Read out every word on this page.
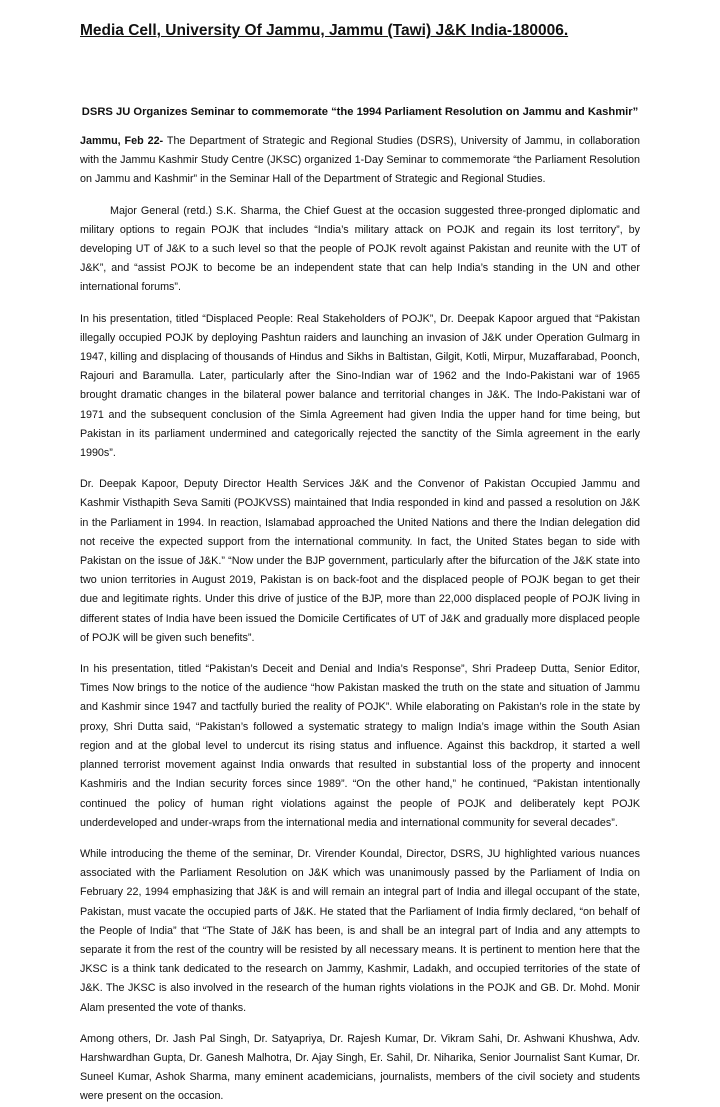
Media Cell, University Of Jammu, Jammu (Tawi) J&K India-180006.
DSRS JU Organizes Seminar to commemorate “the 1994 Parliament Resolution on Jammu and Kashmir”

Jammu, Feb 22- The Department of Strategic and Regional Studies (DSRS), University of Jammu, in collaboration with the Jammu Kashmir Study Centre (JKSC) organized 1-Day Seminar to commemorate “the Parliament Resolution on Jammu and Kashmir” in the Seminar Hall of the Department of Strategic and Regional Studies.

Major General (retd.) S.K. Sharma, the Chief Guest at the occasion suggested three-pronged diplomatic and military options to regain POJK that includes “India’s military attack on POJK and regain its lost territory”, by developing UT of J&K to a such level so that the people of POJK revolt against Pakistan and reunite with the UT of J&K”, and “assist POJK to become be an independent state that can help India’s standing in the UN and other international forums”.

In his presentation, titled “Displaced People: Real Stakeholders of POJK”, Dr. Deepak Kapoor argued that “Pakistan illegally occupied POJK by deploying Pashtun raiders and launching an invasion of J&K under Operation Gulmarg in 1947, killing and displacing of thousands of Hindus and Sikhs in Baltistan, Gilgit, Kotli, Mirpur, Muzaffarabad, Poonch, Rajouri and Baramulla. Later, particularly after the Sino-Indian war of 1962 and the Indo-Pakistani war of 1965 brought dramatic changes in the bilateral power balance and territorial changes in J&K. The Indo-Pakistani war of 1971 and the subsequent conclusion of the Simla Agreement had given India the upper hand for time being, but Pakistan in its parliament undermined and categorically rejected the sanctity of the Simla agreement in the early 1990s”.

Dr. Deepak Kapoor, Deputy Director Health Services J&K and the Convenor of Pakistan Occupied Jammu and Kashmir Visthapith Seva Samiti (POJKVSS) maintained that India responded in kind and passed a resolution on J&K in the Parliament in 1994. In reaction, Islamabad approached the United Nations and there the Indian delegation did not receive the expected support from the international community. In fact, the United States began to side with Pakistan on the issue of J&K.” “Now under the BJP government, particularly after the bifurcation of the J&K state into two union territories in August 2019, Pakistan is on back-foot and the displaced people of POJK began to get their due and legitimate rights. Under this drive of justice of the BJP, more than 22,000 displaced people of POJK living in different states of India have been issued the Domicile Certificates of UT of J&K and gradually more displaced people of POJK will be given such benefits”.

In his presentation, titled “Pakistan’s Deceit and Denial and India’s Response”, Shri Pradeep Dutta, Senior Editor, Times Now brings to the notice of the audience “how Pakistan masked the truth on the state and situation of Jammu and Kashmir since 1947 and tactfully buried the reality of POJK”. While elaborating on Pakistan’s role in the state by proxy, Shri Dutta said, “Pakistan’s followed a systematic strategy to malign India’s image within the South Asian region and at the global level to undercut its rising status and influence. Against this backdrop, it started a well planned terrorist movement against India onwards that resulted in substantial loss of the property and innocent Kashmiris and the Indian security forces since 1989”. “On the other hand,” he continued, “Pakistan intentionally continued the policy of human right violations against the people of POJK and deliberately kept POJK underdeveloped and under-wraps from the international media and international community for several decades”.

While introducing the theme of the seminar, Dr. Virender Koundal, Director, DSRS, JU highlighted various nuances associated with the Parliament Resolution on J&K which was unanimously passed by the Parliament of India on February 22, 1994 emphasizing that J&K is and will remain an integral part of India and illegal occupant of the state, Pakistan, must vacate the occupied parts of J&K. He stated that the Parliament of India firmly declared, “on behalf of the People of India” that “The State of J&K has been, is and shall be an integral part of India and any attempts to separate it from the rest of the country will be resisted by all necessary means. It is pertinent to mention here that the JKSC is a think tank dedicated to the research on Jammy, Kashmir, Ladakh, and occupied territories of the state of J&K. The JKSC is also involved in the research of the human rights violations in the POJK and GB. Dr. Mohd. Monir Alam presented the vote of thanks.

Among others, Dr. Jash Pal Singh, Dr. Satyapriya, Dr. Rajesh Kumar, Dr. Vikram Sahi, Dr. Ashwani Khushwa, Adv. Harshwardhan Gupta, Dr. Ganesh Malhotra, Dr. Ajay Singh, Er. Sahil, Dr. Niharika, Senior Journalist Sant Kumar, Dr. Suneel Kumar, Ashok Sharma, many eminent academicians, journalists, members of the civil society and students were present on the occasion.
